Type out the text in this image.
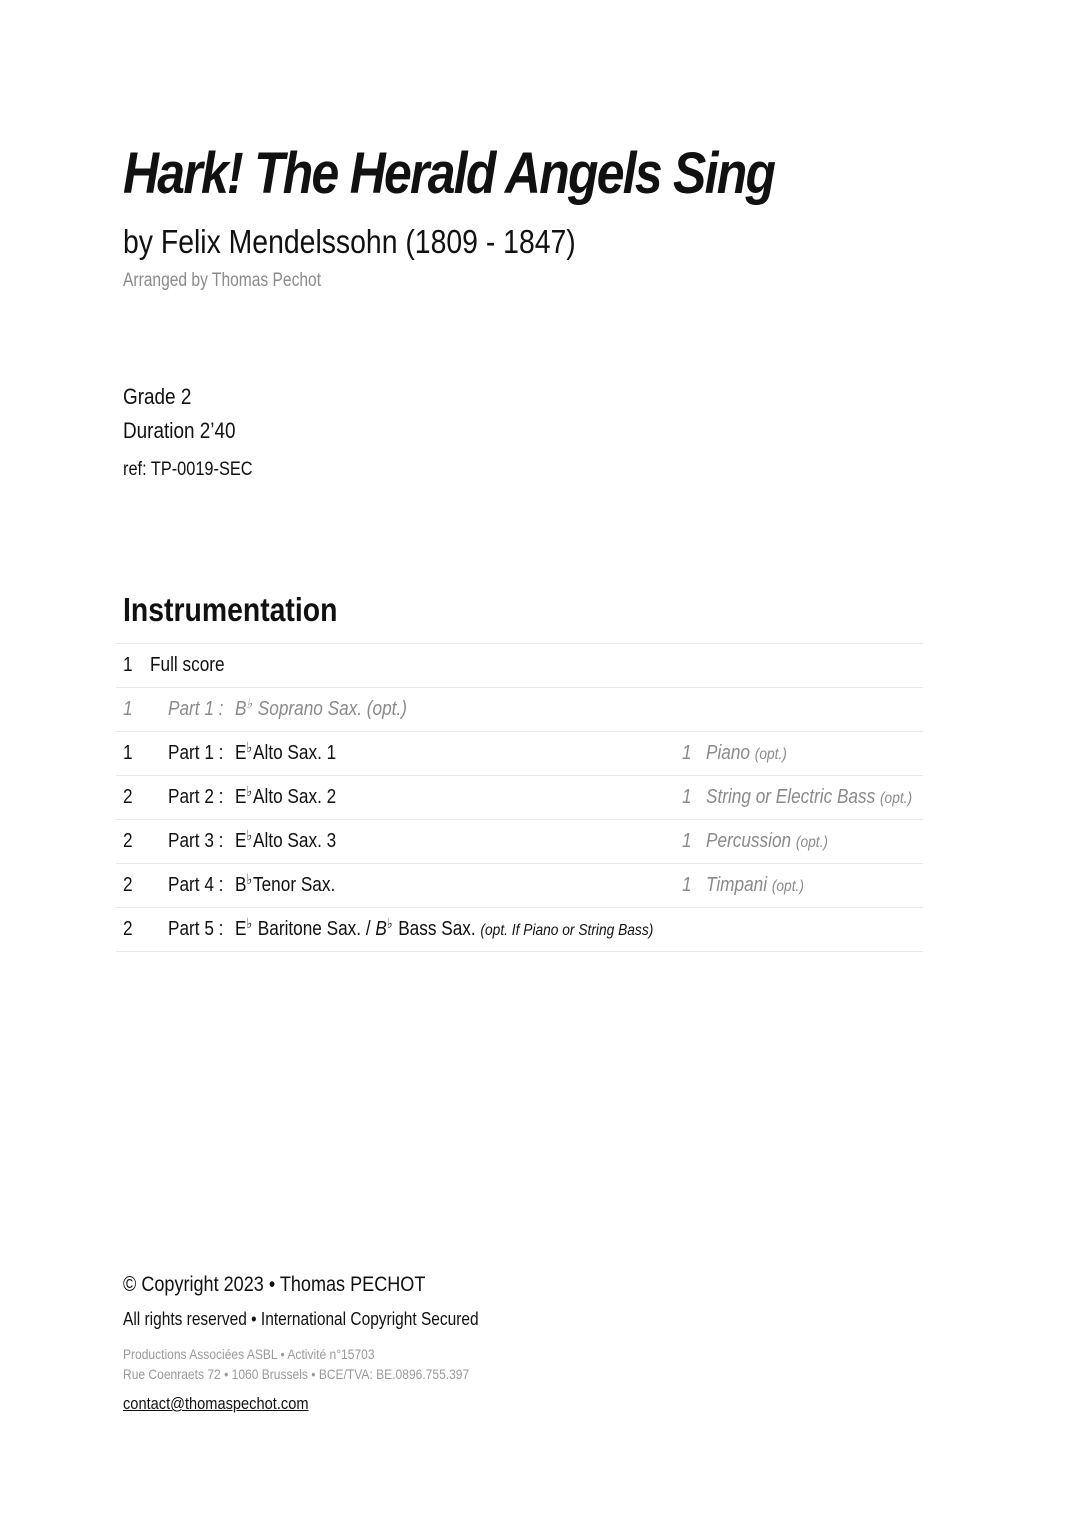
Hark! The Herald Angels Sing
by Felix Mendelssohn (1809 - 1847)
Arranged by Thomas Pechot
Grade 2
Duration 2’40
ref: TP-0019-SEC
Instrumentation
1 Full score
1 Part 1 : B♭ Soprano Sax. (opt.)
1 Part 1 : E♭Alto Sax. 1	1 Piano (opt.)
2 Part 2 : E♭Alto Sax. 2	1 String or Electric Bass (opt.)
2 Part 3 : E♭Alto Sax. 3	1 Percussion (opt.)
2 Part 4 : B♭Tenor Sax.	1 Timpani (opt.)
2 Part 5 : E♭ Baritone Sax. / B♭ Bass Sax. (opt. If Piano or String Bass)
© Copyright 2023 • Thomas PECHOT
All rights reserved • International Copyright Secured
Productions Associées ASBL • Activité n°15703
Rue Coenraets 72 • 1060 Brussels • BCE/TVA: BE.0896.755.397
contact@thomaspechot.com
